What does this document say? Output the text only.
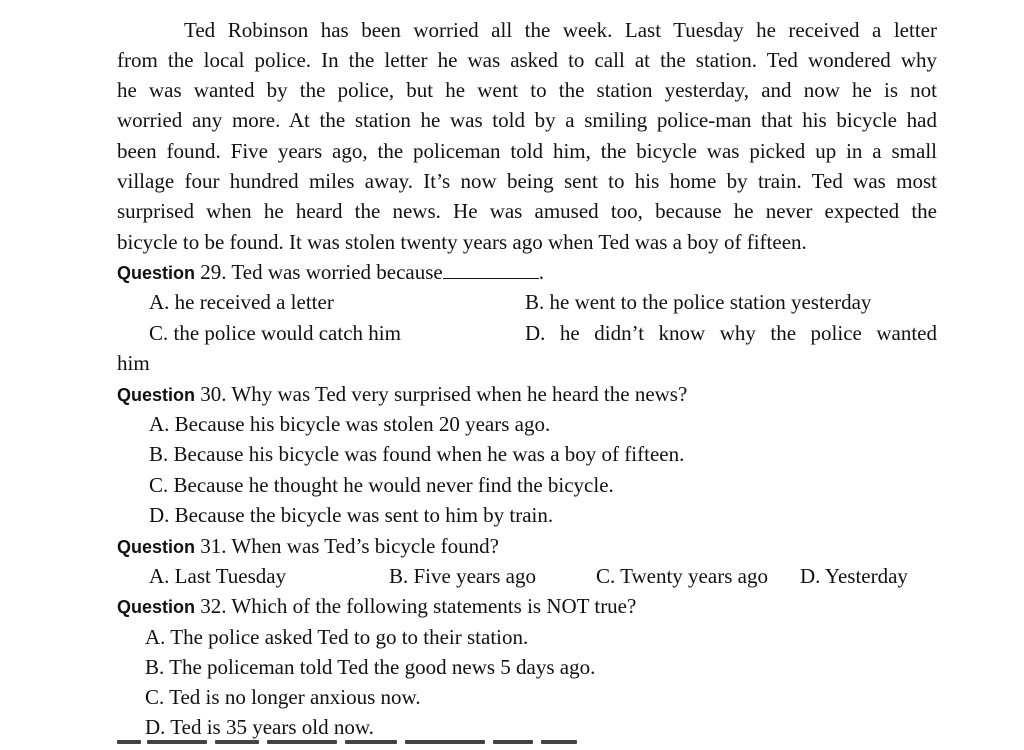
Ted Robinson has been worried all the week. Last Tuesday he received a letter
from the local police. In the letter he was asked to call at the station. Ted wondered why
he was wanted by the police, but he went to the station yesterday, and now he is not
worried any more. At the station he was told by a smiling police-man that his bicycle had
been found. Five years ago, the policeman told him, the bicycle was picked up in a small
village four hundred miles away. It’s now being sent to his home by train. Ted was most
surprised when he heard the news. He was amused too, because he never expected the
bicycle to be found. It was stolen twenty years ago when Ted was a boy of fifteen.
Question 29. Ted was worried because	.
A. he received a letter	B. he went to the police station yesterday
C. the police would catch him	D. he didn’t know why the police wanted
him
Question 30. Why was Ted very surprised when he heard the news?
A. Because his bicycle was stolen 20 years ago.
B. Because his bicycle was found when he was a boy of fifteen.
C. Because he thought he would never find the bicycle.
D. Because the bicycle was sent to him by train.
Question 31. When was Ted’s bicycle found?
A. Last Tuesday	B. Five years ago	C. Twenty years ago D. Yesterday
Question 32. Which of the following statements is NOT true?
A. The police asked Ted to go to their station.
B. The policeman told Ted the good news 5 days ago.
C. Ted is no longer anxious now.
D. Ted is 35 years old now.
